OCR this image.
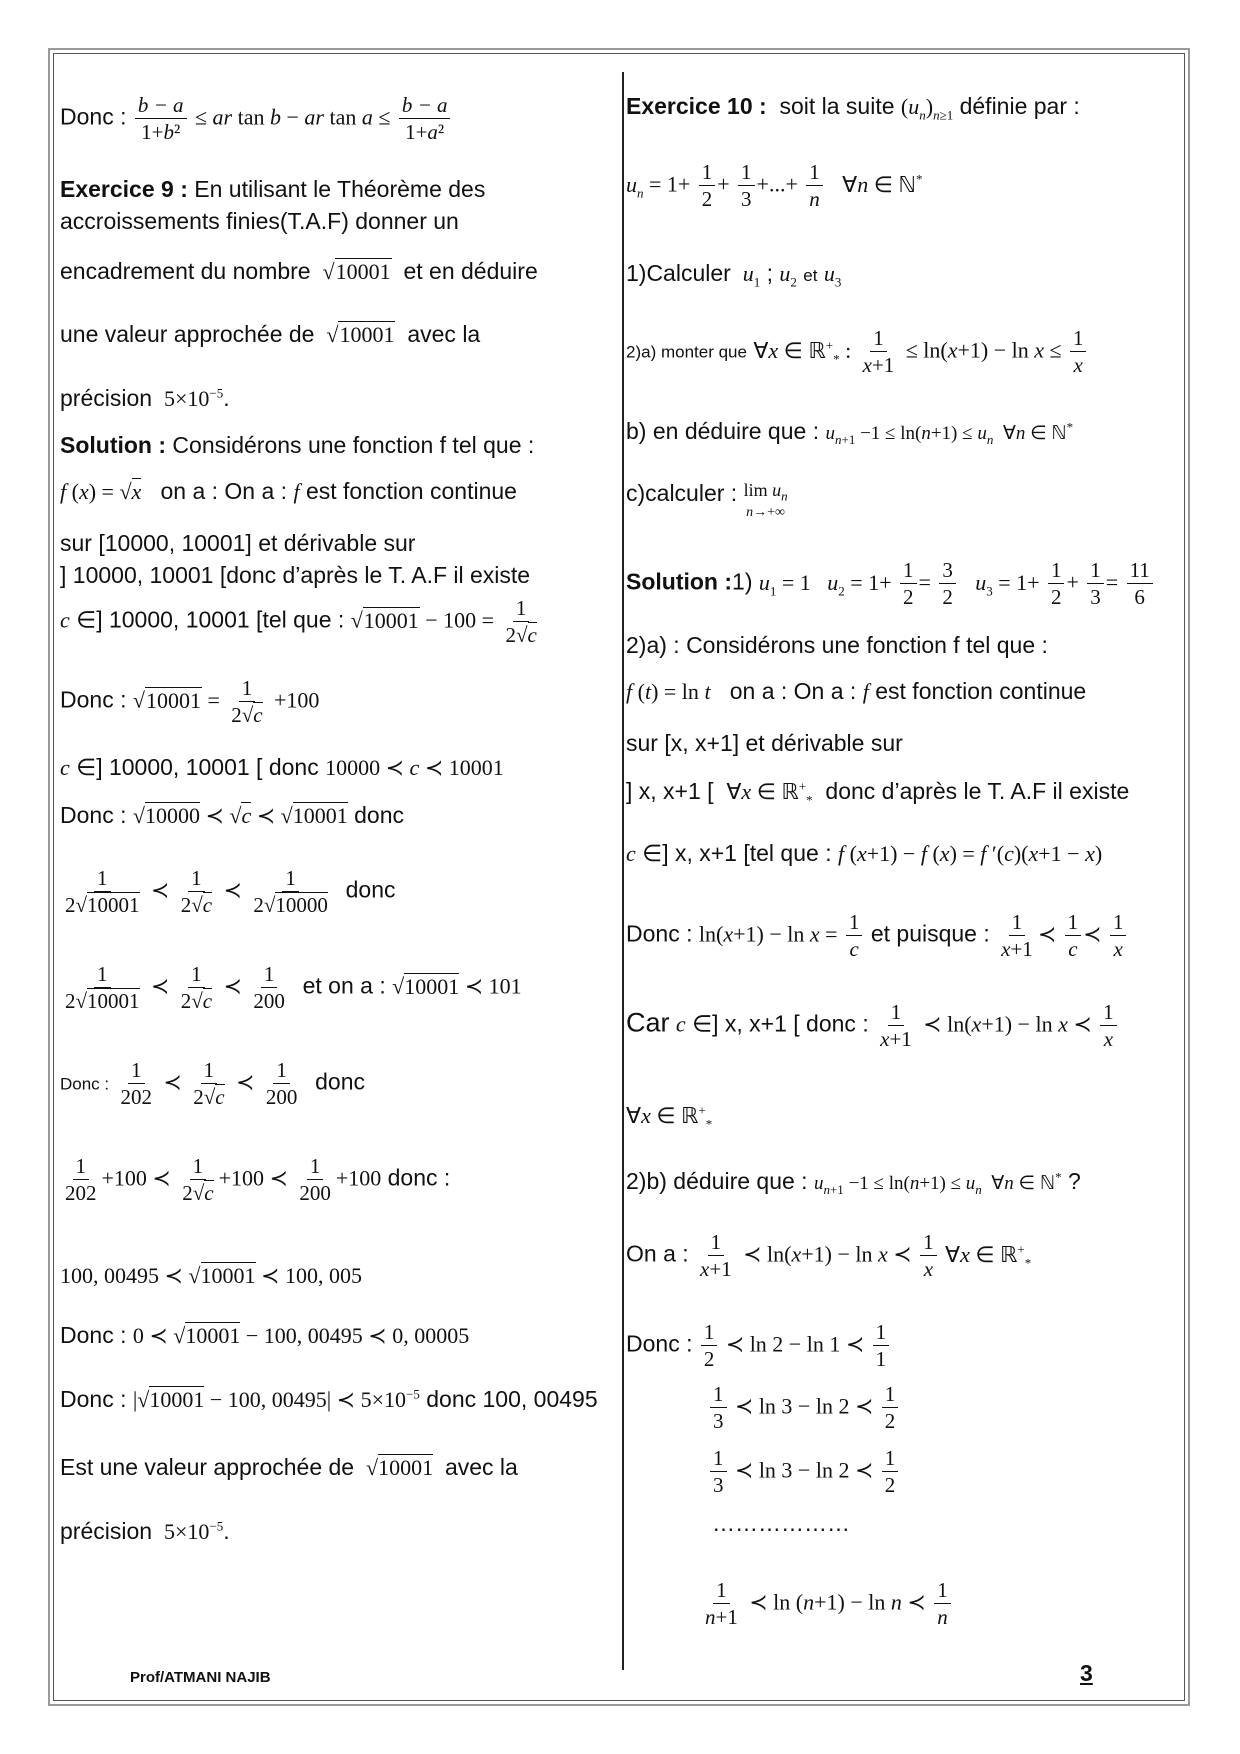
Donc : $\frac{b - a}{\text{1+b²}}$ ≤ ar tan b − ar $\tan a \le \frac{b - a}{\text{1+a²}}$
Exercice 9 : En utilisant le Théorème des
accroissements finies(T.A.F) donner un
encadrement du nombre  √10001 et en déduire
une valeur approchée de  √10001 avec la
précision  $5\times 10^{-5}$.
Solution : Considérons une fonction f tel que :
f (x) = √x on a : On a : f est fonction continue
sur [10000, 10001] et dérivable sur
] 10000, 10001 [donc d’après le T. A.F il existe
c ∈] 10000, 10001 [tel que : $√10001 - 100 = \frac{1}{2√c}$
Donc : $√10001 = \frac{1}{2√c} +100$
c ∈] 10000, 10001 [ donc 10000 ≺ c ≺ 10001
Donc : √10000 ≺ √c ≺ √10001 donc
$\frac{1}{2√10001}$ ≺ $\frac{1}{2√c}$ ≺ $\frac{1}{2√10000}$ donc
$\frac{1}{2√10001}$ ≺ $\frac{1}{2√c}$ ≺ $\frac{1}{200}$ et on a : √10001 ≺ 101
Donc : $\frac{1}{202}$ ≺ $\frac{1}{2√c}$ ≺ $\frac{1}{200}$ donc
$\frac{1}{202} +100$ ≺ $\frac{1}{2√c} +100$ ≺ $\frac{1}{200} +100$ donc :
100, 00495 ≺ √10001 ≺ 100, 005
Donc : 0 ≺ √10001 − 100, 00495 ≺ 0, 00005
Donc : |√10001 − 100, 00495| ≺ $5\times 10^{-5}$ donc 100, 00495
Est une valeur approchée de  √10001 avec la
précision  $5\times 10^{-5}$.
Exercice 10 : soit la suite $(u_n)_{n\ge 1}$ définie par :
$u_n = 1+ \frac{1}{2} + \frac{1}{3}$ +...+ $\frac{1}{n}$ ∀n ∈ ℕ*
1)Calculer $u_1$ ; $u_2$ et $u_3$
2)a) monter que ∀x ∈ ℝ+$_*$ : $\frac{1}{x+1} \le \ln(x+1) - \ln x \le \frac{1}{x}$
b) en déduire que : $u_{n+1} -1 \le \ln(n+1) \le u_n$  ∀n ∈ ℕ*
c)calculer : $\lim u_n$
n→+∞
Solution :1) $u_1 = 1$   $u_2 = 1+ \frac{1}{2} = \frac{3}{2} u_3 = 1+ \frac{1}{2} + \frac{1}{3} = \frac{11}{6}$
2)a) : Considérons une fonction f tel que :
f (t) = ln t on a : On a : f est fonction continue
sur [x, x+1] et dérivable sur
] x, x+1 [ ∀x ∈ ℝ+$_*$ donc d’après le T. A.F il existe
c ∈] x, x+1 [tel que : f (x+1) − f (x) = f ′(c)(x+1 − x)
Donc : $\ln(x+1) - \ln x = \frac{1}{c}$ et puisque : $\frac{1}{x+1}$ ≺ $\frac{1}{c}$ ≺ $\frac{1}{x}$
Car c ∈] x, x+1 [ donc : $\frac{1}{x+1}$ ≺ ln(x+1) − ln x ≺ $\frac{1}{x}$
∀x ∈ ℝ+$_*$
2)b) déduire que : $u_{n+1} -1 \le \ln(n+1) \le u_n$  ∀n ∈ ℕ* ?
On a : $\frac{1}{x+1}$ ≺ ln(x+1) − ln x ≺ $\frac{1}{x}$ ∀x ∈ ℝ+$_*$
Donc : $\frac{1}{2}$ ≺ ln 2 − ln 1 ≺ $\frac{1}{1}$
$\frac{1}{3}$ ≺ ln 3 − ln 2 ≺ $\frac{1}{2}$
$\frac{1}{3}$ ≺ ln 3 − ln 2 ≺ $\frac{1}{2}$
………………
$\frac{1}{n+1}$ ≺ ln (n+1) − ln n ≺ $\frac{1}{n}$
Prof/ATMANI NAJIB	3
